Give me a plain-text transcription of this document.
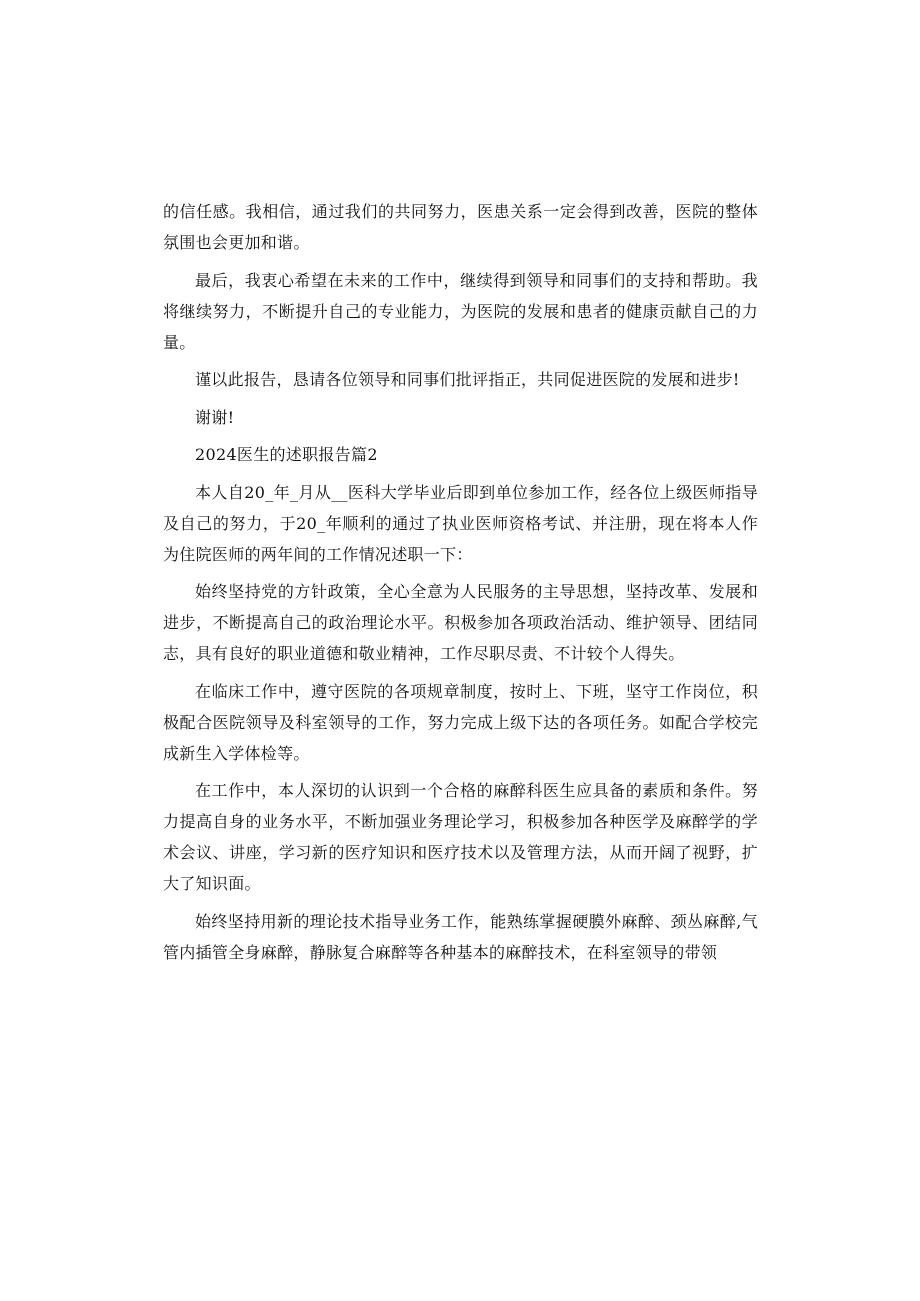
的信任感。我相信，通过我们的共同努力，医患关系一定会得到改善，医院的整体氛围也会更加和谐。

最后，我衷心希望在未来的工作中，继续得到领导和同事们的支持和帮助。我将继续努力，不断提升自己的专业能力，为医院的发展和患者的健康贡献自己的力量。

谨以此报告，恳请各位领导和同事们批评指正，共同促进医院的发展和进步!

谢谢!

2024医生的述职报告篇2

本人自20_年_月从__医科大学毕业后即到单位参加工作，经各位上级医师指导及自己的努力，于20_年顺利的通过了执业医师资格考试、并注册，现在将本人作为住院医师的两年间的工作情况述职一下：

始终坚持党的方针政策，全心全意为人民服务的主导思想，坚持改革、发展和进步，不断提高自己的政治理论水平。积极参加各项政治活动、维护领导、团结同志，具有良好的职业道德和敬业精神，工作尽职尽责、不计较个人得失。

在临床工作中，遵守医院的各项规章制度，按时上、下班，坚守工作岗位，积极配合医院领导及科室领导的工作，努力完成上级下达的各项任务。如配合学校完成新生入学体检等。

在工作中，本人深切的认识到一个合格的麻醉科医生应具备的素质和条件。努力提高自身的业务水平，不断加强业务理论学习，积极参加各种医学及麻醉学的学术会议、讲座，学习新的医疗知识和医疗技术以及管理方法，从而开阔了视野，扩大了知识面。

始终坚持用新的理论技术指导业务工作，能熟练掌握硬膜外麻醉、颈丛麻醉,气管内插管全身麻醉，静脉复合麻醉等各种基本的麻醉技术，在科室领导的带领
